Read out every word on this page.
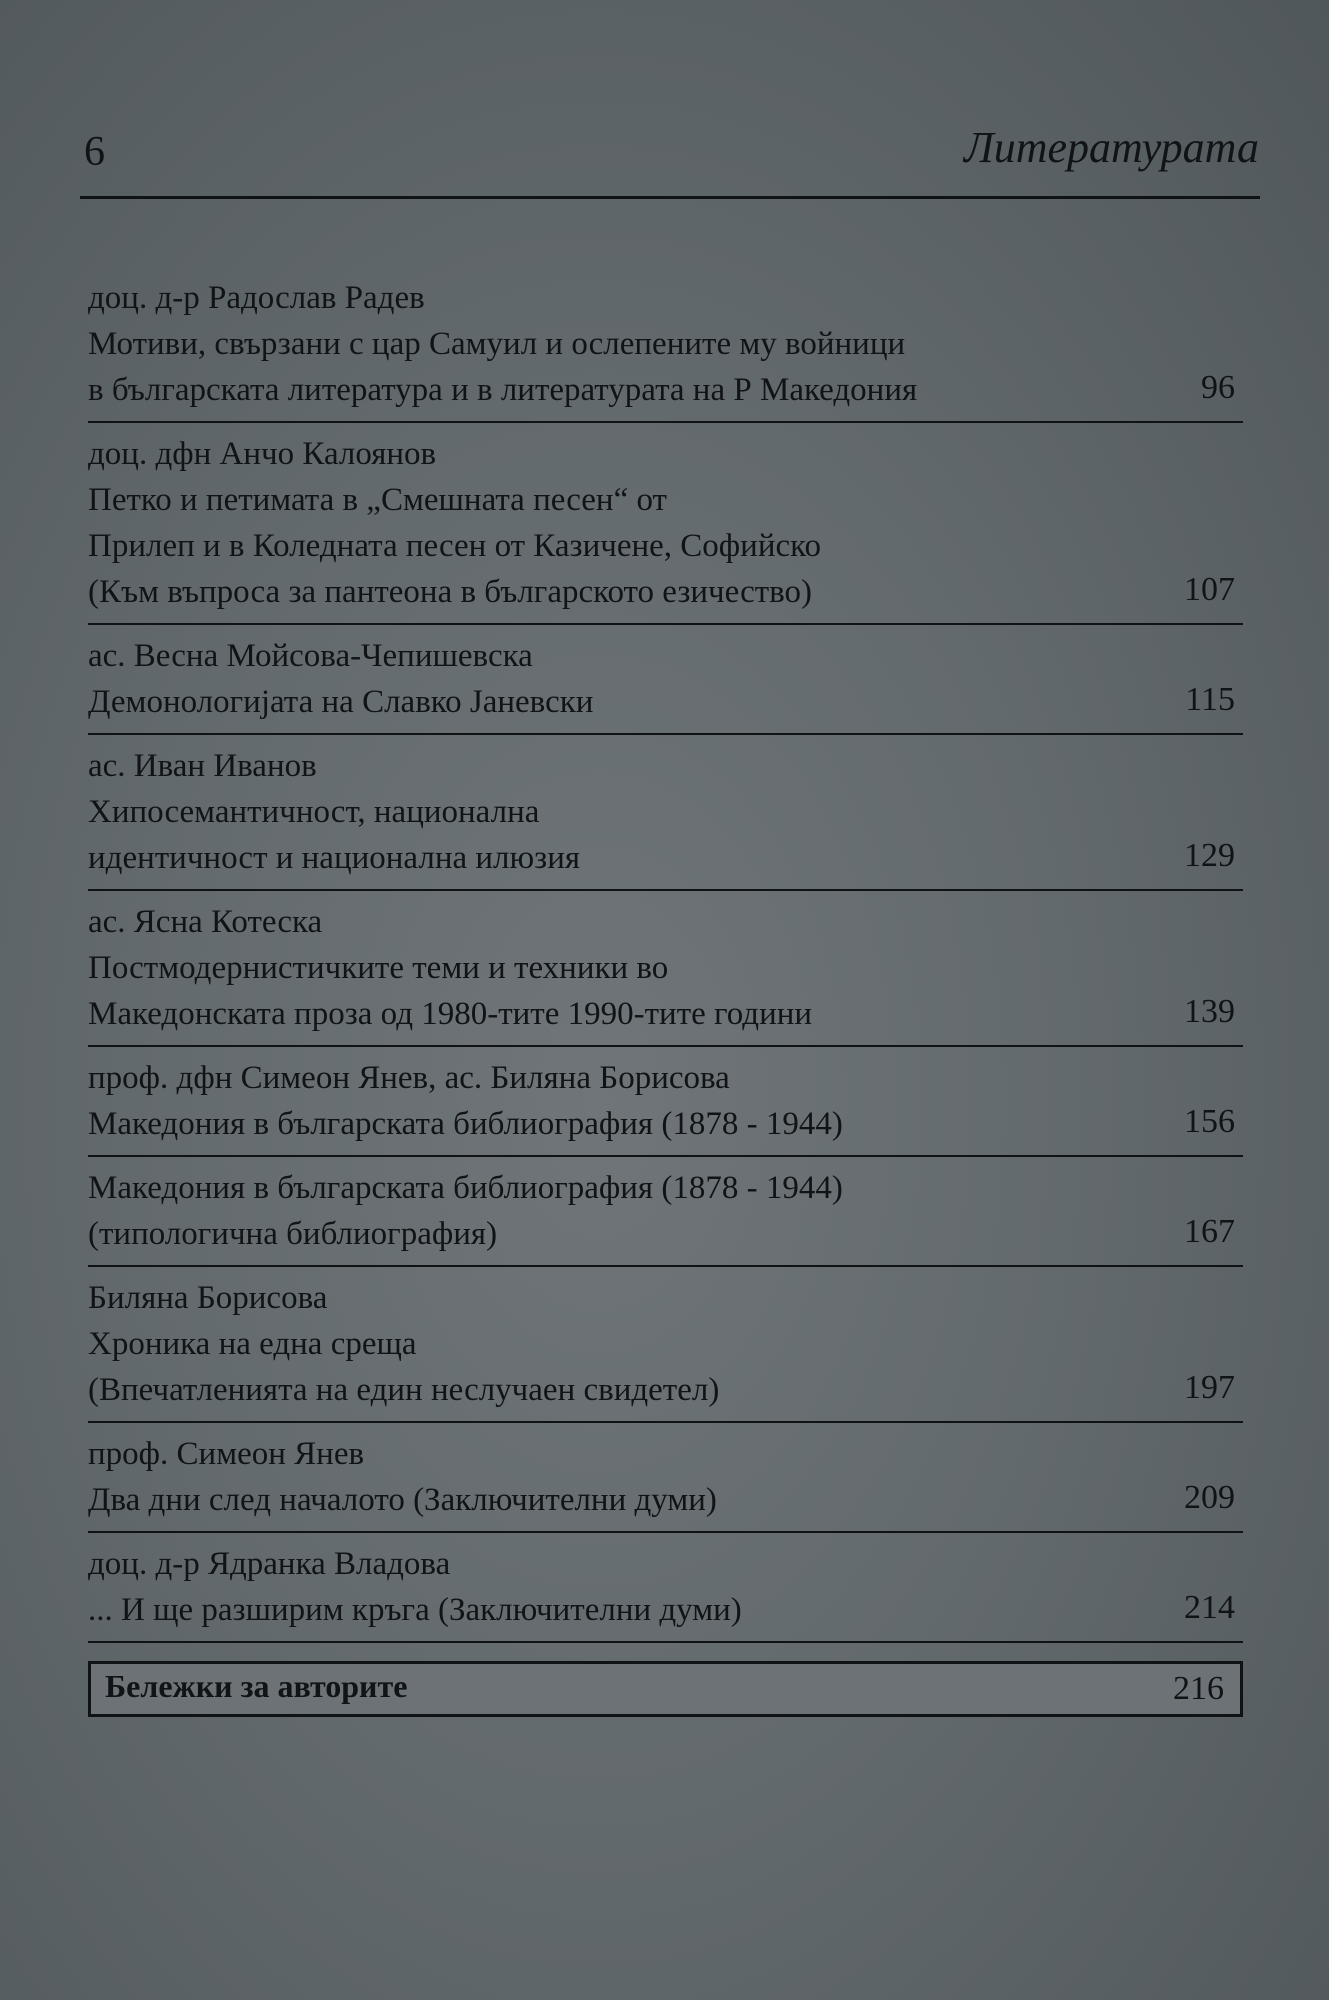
6	Литературата
доц. д-р Радослав Радев
Мотиви, свързани с цар Самуил и ослепените му войници
в българската литература и в литературата на Р Македония	96
доц. дфн Анчо Калоянов
Петко и петимата в „Смешната песен“ от
Прилеп и в Коледната песен от Казичене, Софийско
(Към въпроса за пантеона в българското езичество)	107
ас. Весна Мойсова-Чепишевска
Демонологијата на Славко Јаневски	115
ас. Иван Иванов
Хипосемантичност, национална
идентичност и национална илюзия	129
ас. Ясна Котеска
Постмодернистичките теми и техники во
Македонската проза од 1980-тите 1990-тите години	139
проф. дфн Симеон Янев, ас. Биляна Борисова
Македония в българската библиография (1878 - 1944)	156
Македония в българската библиография (1878 - 1944)
(типологична библиография)	167
Биляна Борисова
Хроника на една среща
(Впечатленията на един неслучаен свидетел)	197
проф. Симеон Янев
Два дни след началото (Заключителни думи)	209
доц. д-р Ядранка Владова
... И ще разширим кръга (Заключителни думи)	214
Бележки за авторите	216
